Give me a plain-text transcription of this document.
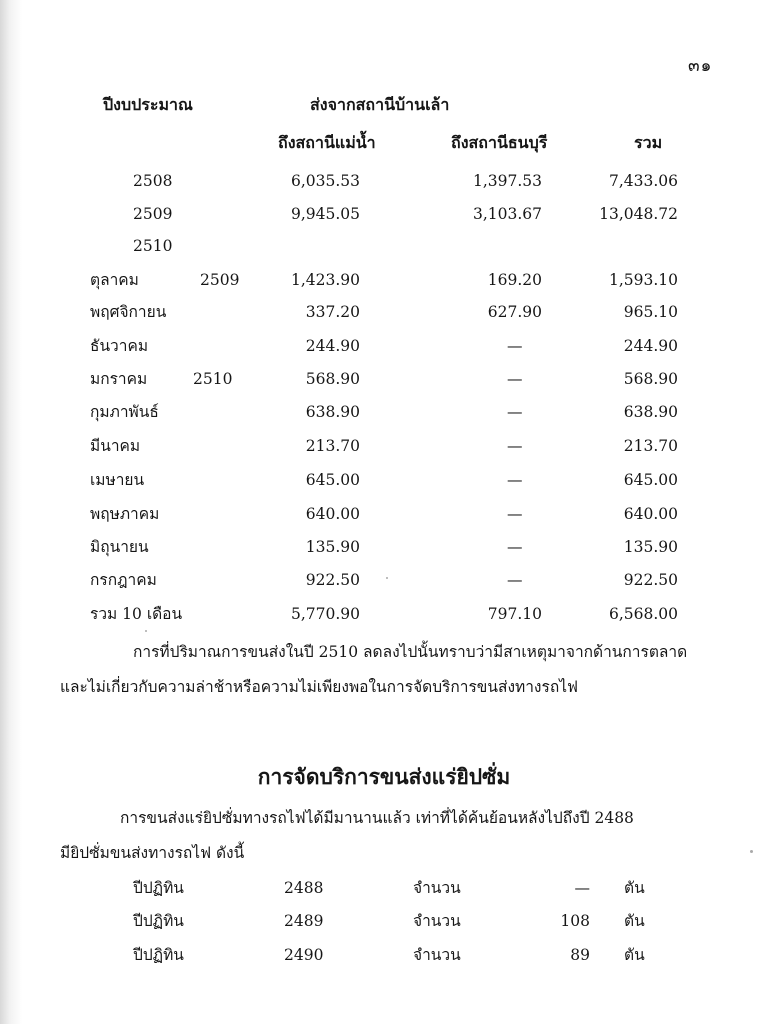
๓๑
ปีงบประมาณ	ส่งจากสถานีบ้านเล้า
ถึงสถานีแม่น้ำ	ถึงสถานีธนบุรี	รวม
2508	6,035.53	1,397.53	7,433.06
2509	9,945.05	3,103.67	13,048.72
2510
ตุลาคม	2509	1,423.90	169.20	1,593.10
พฤศจิกายน	337.20	627.90	965.10
ธันวาคม	244.90	—	244.90
มกราคม	2510	568.90	—	568.90
กุมภาพันธ์	638.90	—	638.90
มีนาคม	213.70	—	213.70
เมษายน	645.00	—	645.00
พฤษภาคม	640.00	—	640.00
มิถุนายน	135.90	—	135.90
กรกฎาคม	922.50	—	922.50
รวม 10 เดือน	5,770.90	797.10	6,568.00
การที่ปริมาณการขนส่งในปี 2510 ลดลงไปนั้นทราบว่ามีสาเหตุมาจากด้านการตลาด
และไม่เกี่ยวกับความล่าช้าหรือความไม่เพียงพอในการจัดบริการขนส่งทางรถไฟ
การจัดบริการขนส่งแร่ยิปซั่ม
การขนส่งแร่ยิปซั่มทางรถไฟได้มีมานานแล้ว เท่าที่ได้ค้นย้อนหลังไปถึงปี 2488
มียิปซั่มขนส่งทางรถไฟ ดังนี้
ปีปฏิทิน	2488	จำนวน	— ตัน
ปีปฏิทิน	2489	จำนวน	108 ตัน
ปีปฏิทิน	2490	จำนวน	89 ตัน
